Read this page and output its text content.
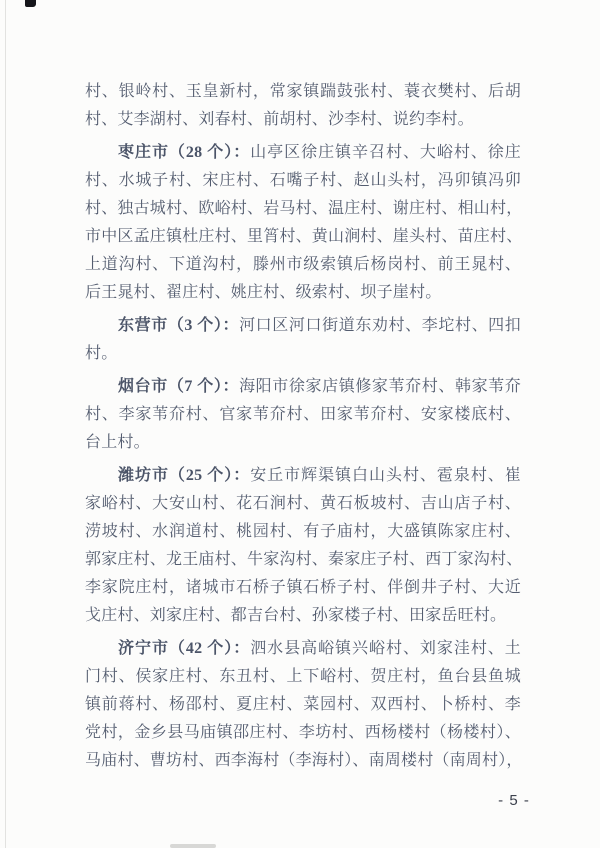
村、银岭村、玉皇新村，常家镇踹鼓张村、蓑衣樊村、后胡
村、艾李湖村、刘春村、前胡村、沙李村、说约李村。
枣庄市（28 个）：山亭区徐庄镇辛召村、大峪村、徐庄
村、水城子村、宋庄村、石嘴子村、赵山头村，冯卯镇冯卯
村、独古城村、欧峪村、岩马村、温庄村、谢庄村、相山村，
市中区孟庄镇杜庄村、里筲村、黄山涧村、崖头村、苗庄村、
上道沟村、下道沟村，滕州市级索镇后杨岗村、前王晁村、
后王晁村、翟庄村、姚庄村、级索村、坝子崖村。
东营市（3 个）：河口区河口街道东劝村、李坨村、四扣
村。
烟台市（7 个）：海阳市徐家店镇修家苇夼村、韩家苇夼
村、李家苇夼村、官家苇夼村、田家苇夼村、安家楼底村、
台上村。
潍坊市（25 个）：安丘市辉渠镇白山头村、雹泉村、崔
家峪村、大安山村、花石涧村、黄石板坡村、吉山店子村、
涝坡村、水润道村、桃园村、有子庙村，大盛镇陈家庄村、
郭家庄村、龙王庙村、牛家沟村、秦家庄子村、西丁家沟村、
李家院庄村，诸城市石桥子镇石桥子村、伴倒井子村、大近
戈庄村、刘家庄村、都吉台村、孙家楼子村、田家岳旺村。
济宁市（42 个）：泗水县高峪镇兴峪村、刘家洼村、土
门村、侯家庄村、东丑村、上下峪村、贺庄村，鱼台县鱼城
镇前蒋村、杨邵村、夏庄村、菜园村、双西村、卜桥村、李
党村，金乡县马庙镇邵庄村、李坊村、西杨楼村（杨楼村）、
马庙村、曹坊村、西李海村（李海村）、南周楼村（南周村），
- 5 -
